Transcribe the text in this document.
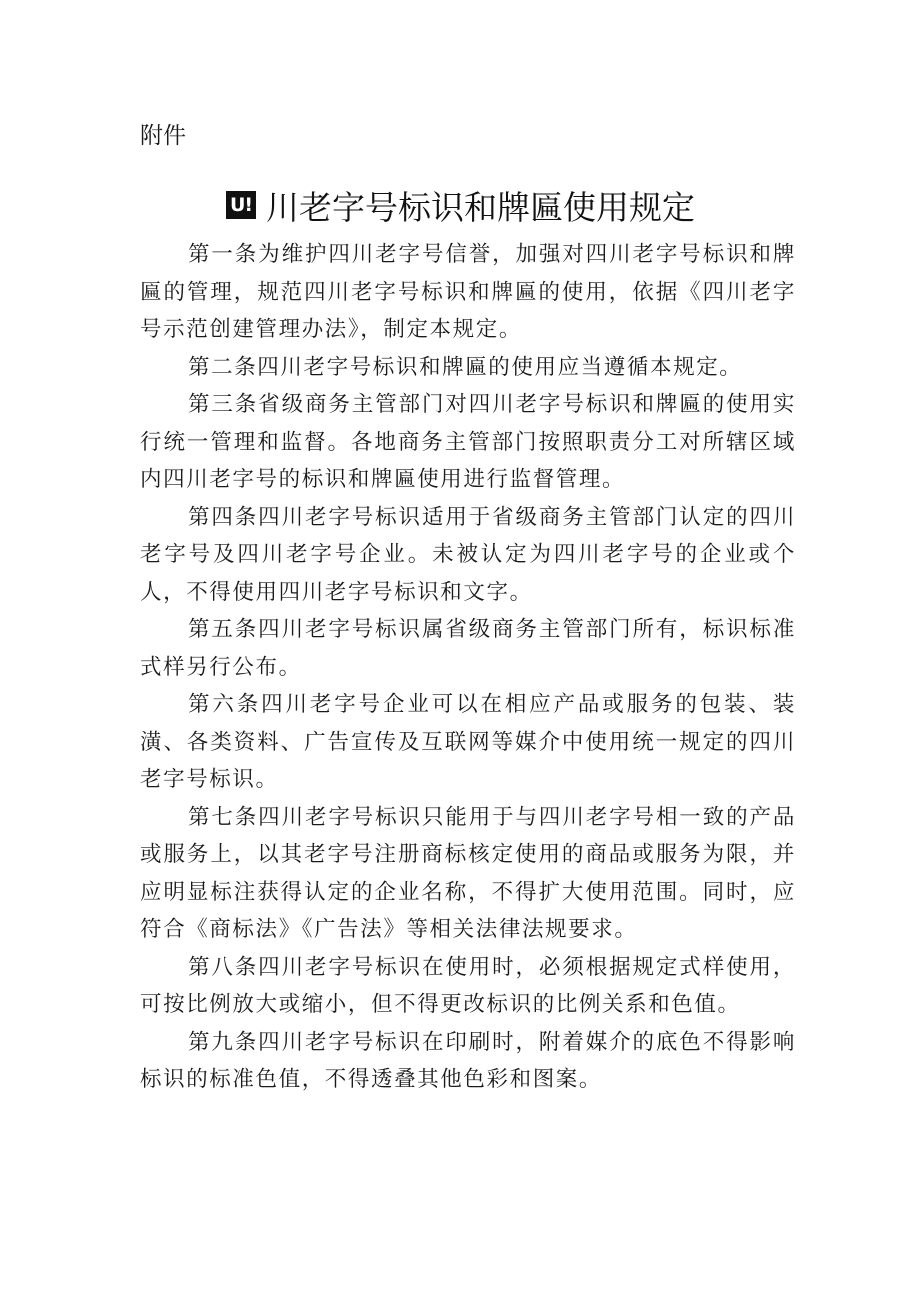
附件
U! 川老字号标识和牌匾使用规定

第一条为维护四川老字号信誉，加强对四川老字号标识和牌匾的管理，规范四川老字号标识和牌匾的使用，依据《四川老字号示范创建管理办法》，制定本规定。

第二条四川老字号标识和牌匾的使用应当遵循本规定。

第三条省级商务主管部门对四川老字号标识和牌匾的使用实行统一管理和监督。各地商务主管部门按照职责分工对所辖区域内四川老字号的标识和牌匾使用进行监督管理。

第四条四川老字号标识适用于省级商务主管部门认定的四川老字号及四川老字号企业。未被认定为四川老字号的企业或个人，不得使用四川老字号标识和文字。

第五条四川老字号标识属省级商务主管部门所有，标识标准式样另行公布。

第六条四川老字号企业可以在相应产品或服务的包装、装潢、各类资料、广告宣传及互联网等媒介中使用统一规定的四川老字号标识。

第七条四川老字号标识只能用于与四川老字号相一致的产品或服务上，以其老字号注册商标核定使用的商品或服务为限，并应明显标注获得认定的企业名称，不得扩大使用范围。同时，应符合《商标法》《广告法》等相关法律法规要求。

第八条四川老字号标识在使用时，必须根据规定式样使用，可按比例放大或缩小，但不得更改标识的比例关系和色值。

第九条四川老字号标识在印刷时，附着媒介的底色不得影响标识的标准色值，不得透叠其他色彩和图案。
